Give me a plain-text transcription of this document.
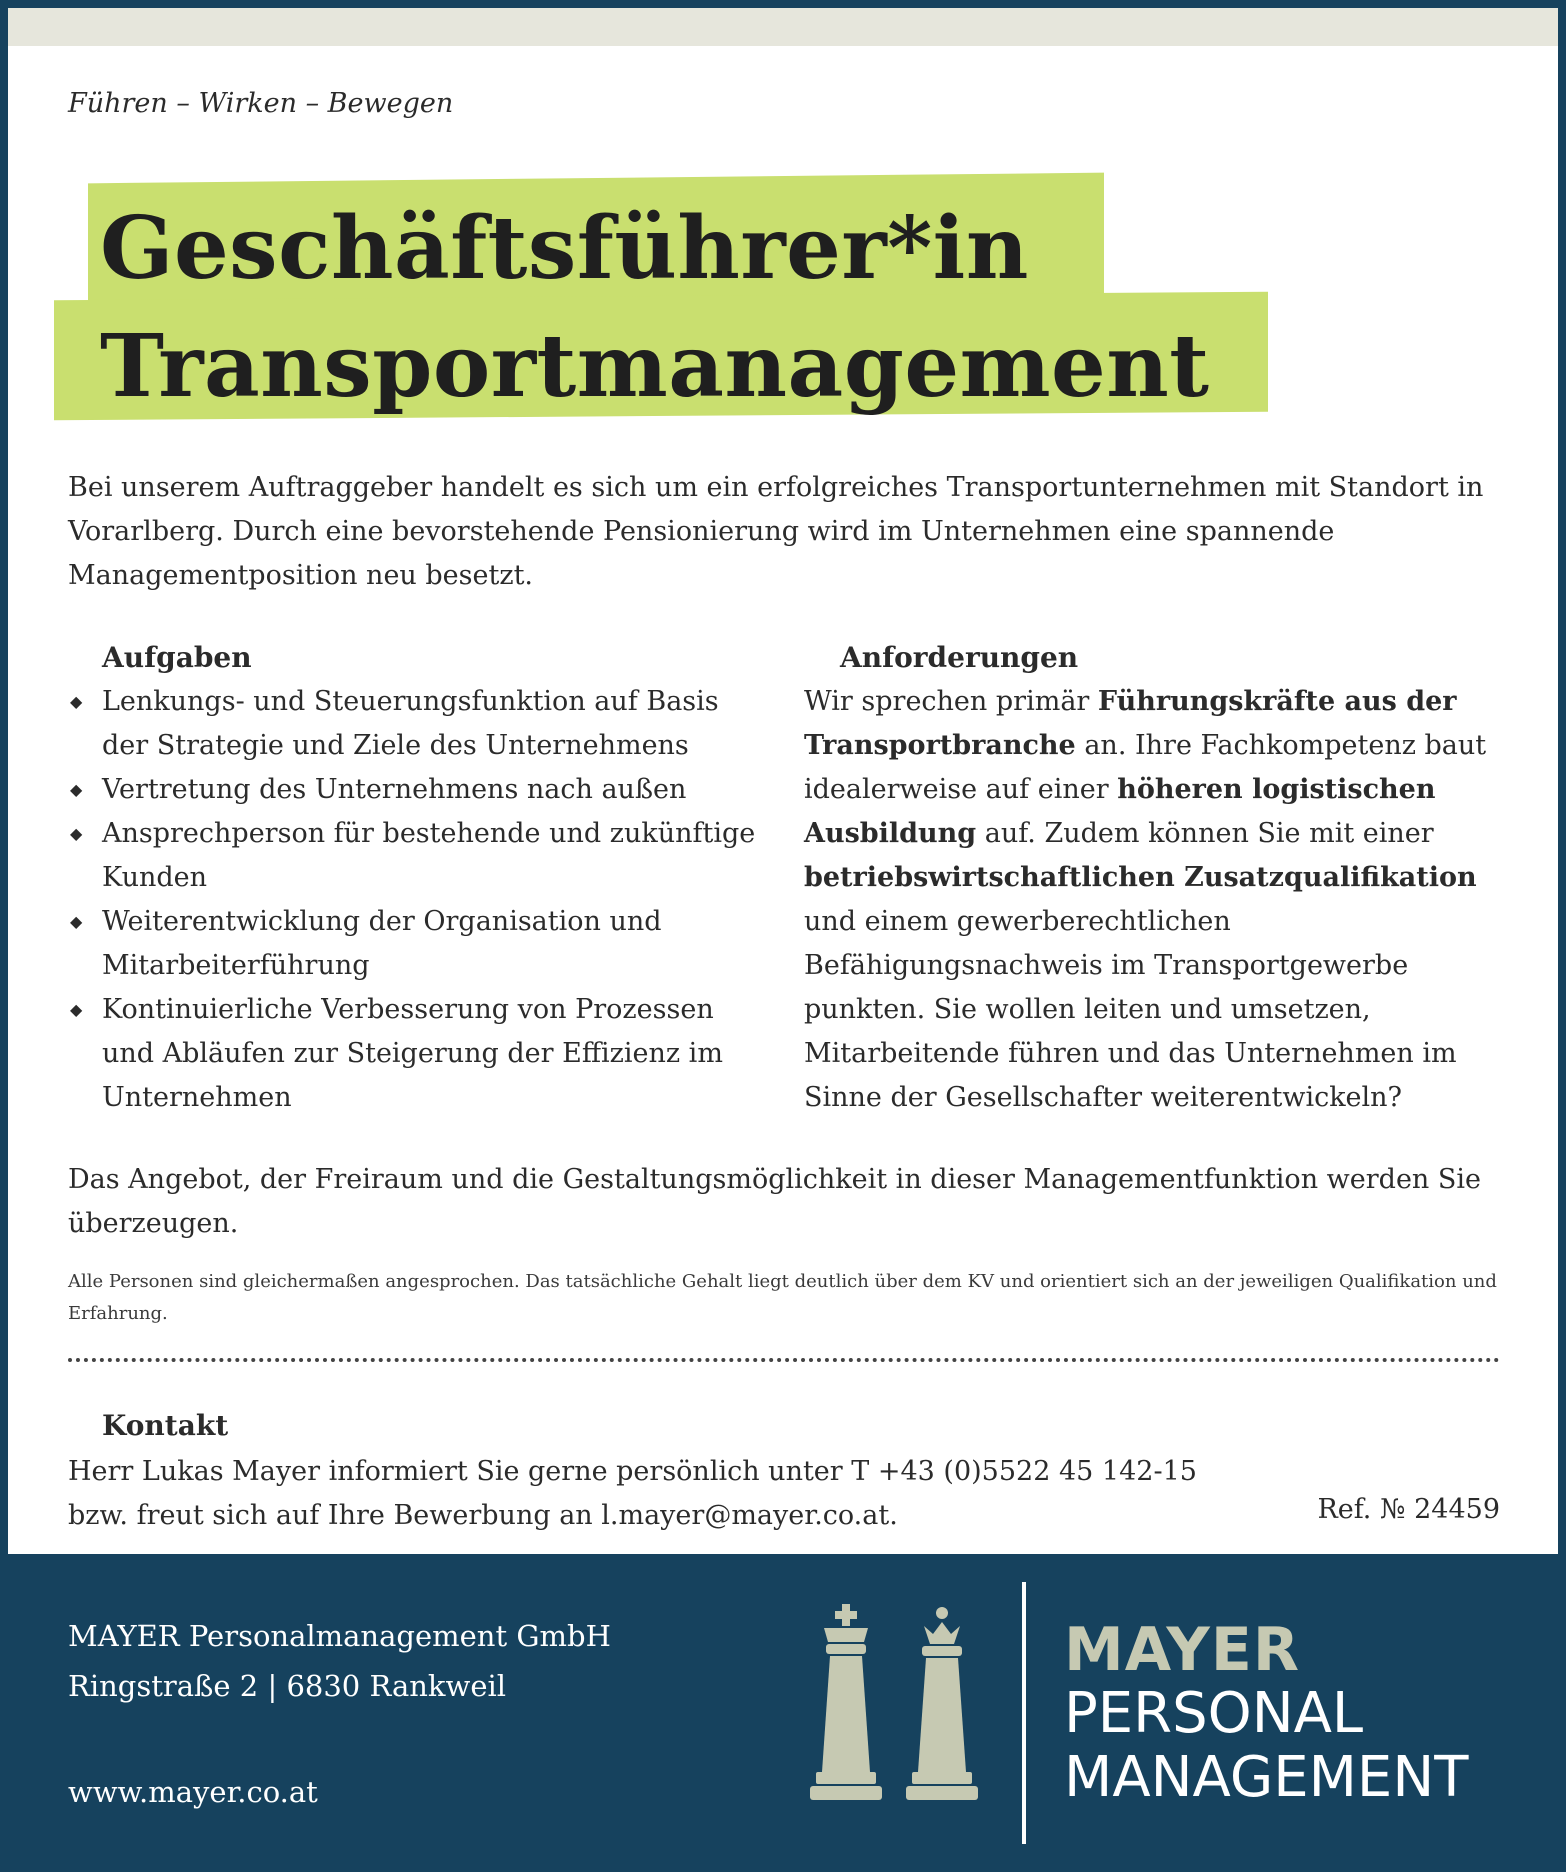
Führen – Wirken – Bewegen
Geschäftsführer*in
Transportmanagement
Bei unserem Auftraggeber handelt es sich um ein erfolgreiches Transportunternehmen mit Standort in Vorarlberg. Durch eine bevorstehende Pensionierung wird im Unternehmen eine spannende Managementposition neu besetzt.
Aufgaben
◆ Lenkungs- und Steuerungsfunktion auf Basis der Strategie und Ziele des Unternehmens
◆ Vertretung des Unternehmens nach außen
◆ Ansprechperson für bestehende und zukünftige Kunden
◆ Weiterentwicklung der Organisation und Mitarbeiterführung
◆ Kontinuierliche Verbesserung von Prozessen und Abläufen zur Steigerung der Effizienz im Unternehmen
Anforderungen
Wir sprechen primär Führungskräfte aus der Transportbranche an. Ihre Fachkompetenz baut idealerweise auf einer höheren logistischen Ausbildung auf. Zudem können Sie mit einer betriebswirtschaftlichen Zusatzqualifikation und einem gewerberechtlichen Befähigungsnachweis im Transportgewerbe punkten. Sie wollen leiten und umsetzen, Mitarbeitende führen und das Unternehmen im Sinne der Gesellschafter weiterentwickeln?
Das Angebot, der Freiraum und die Gestaltungsmöglichkeit in dieser Managementfunktion werden Sie überzeugen.
Alle Personen sind gleichermaßen angesprochen. Das tatsächliche Gehalt liegt deutlich über dem KV und orientiert sich an der jeweiligen Qualifikation und Erfahrung.
Kontakt
Herr Lukas Mayer informiert Sie gerne persönlich unter T +43 (0)5522 45 142-15
bzw. freut sich auf Ihre Bewerbung an l.mayer@mayer.co.at.	Ref. № 24459
MAYER Personalmanagement GmbH
Ringstraße 2 | 6830 Rankweil
www.mayer.co.at
MAYER
PERSONAL
MANAGEMENT
